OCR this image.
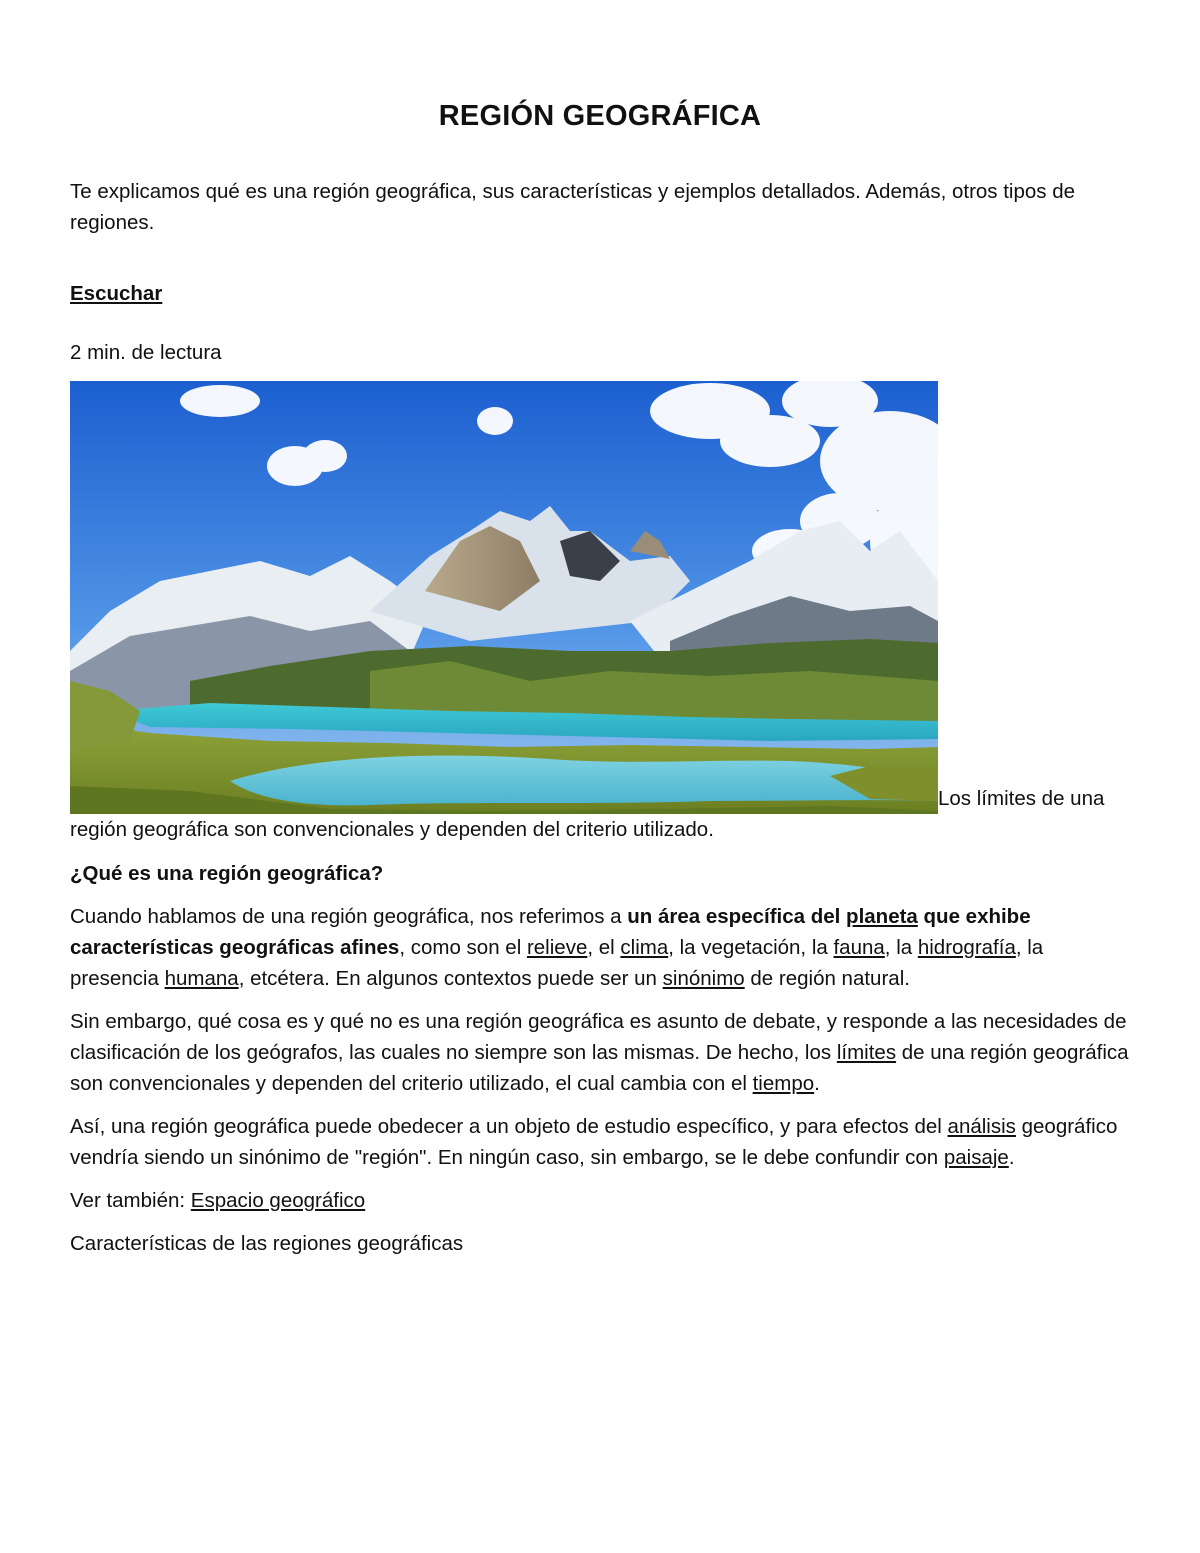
REGIÓN GEOGRÁFICA

Te explicamos qué es una región geográfica, sus características y ejemplos detallados. Además, otros tipos de regiones.

Escuchar

2 min. de lectura

Los límites de una región geográfica son convencionales y dependen del criterio utilizado.

¿Qué es una región geográfica?

Cuando hablamos de una región geográfica, nos referimos a un área específica del planeta que exhibe características geográficas afines, como son el relieve, el clima, la vegetación, la fauna, la hidrografía, la presencia humana, etcétera. En algunos contextos puede ser un sinónimo de región natural.

Sin embargo, qué cosa es y qué no es una región geográfica es asunto de debate, y responde a las necesidades de clasificación de los geógrafos, las cuales no siempre son las mismas. De hecho, los límites de una región geográfica son convencionales y dependen del criterio utilizado, el cual cambia con el tiempo.

Así, una región geográfica puede obedecer a un objeto de estudio específico, y para efectos del análisis geográfico vendría siendo un sinónimo de "región". En ningún caso, sin embargo, se le debe confundir con paisaje.

Ver también: Espacio geográfico

Características de las regiones geográficas
